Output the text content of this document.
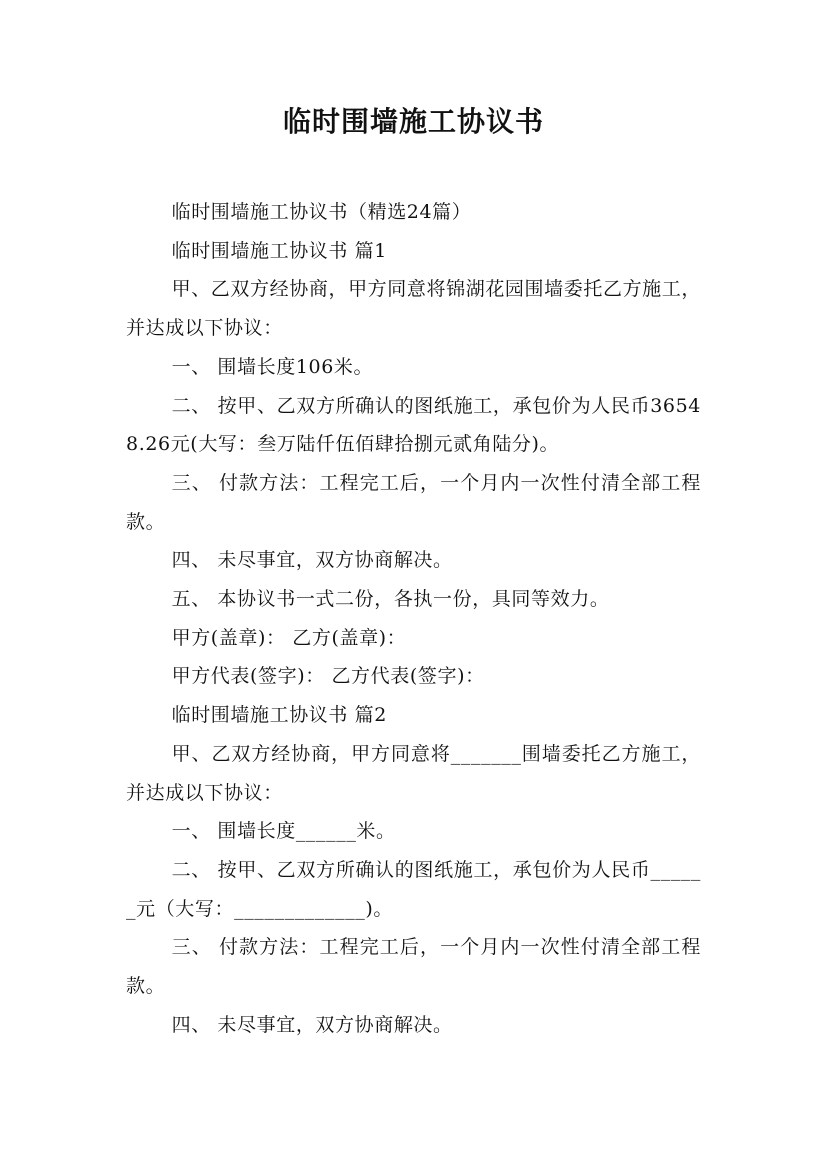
临时围墙施工协议书

临时围墙施工协议书（精选24篇）

临时围墙施工协议书 篇1

甲、乙双方经协商，甲方同意将锦湖花园围墙委托乙方施工，并达成以下协议：

一、 围墙长度106米。

二、 按甲、乙双方所确认的图纸施工，承包价为人民币36548.26元(大写：叁万陆仟伍佰肆拾捌元贰角陆分)。

三、 付款方法：工程完工后，一个月内一次性付清全部工程款。

四、 未尽事宜，双方协商解决。

五、 本协议书一式二份，各执一份，具同等效力。

甲方(盖章)： 乙方(盖章)：

甲方代表(签字)： 乙方代表(签字)：

临时围墙施工协议书 篇2

甲、乙双方经协商，甲方同意将_______围墙委托乙方施工，并达成以下协议：

一、 围墙长度______米。

二、 按甲、乙双方所确认的图纸施工，承包价为人民币______元（大写：_____________)。

三、 付款方法：工程完工后，一个月内一次性付清全部工程款。

四、 未尽事宜，双方协商解决。
